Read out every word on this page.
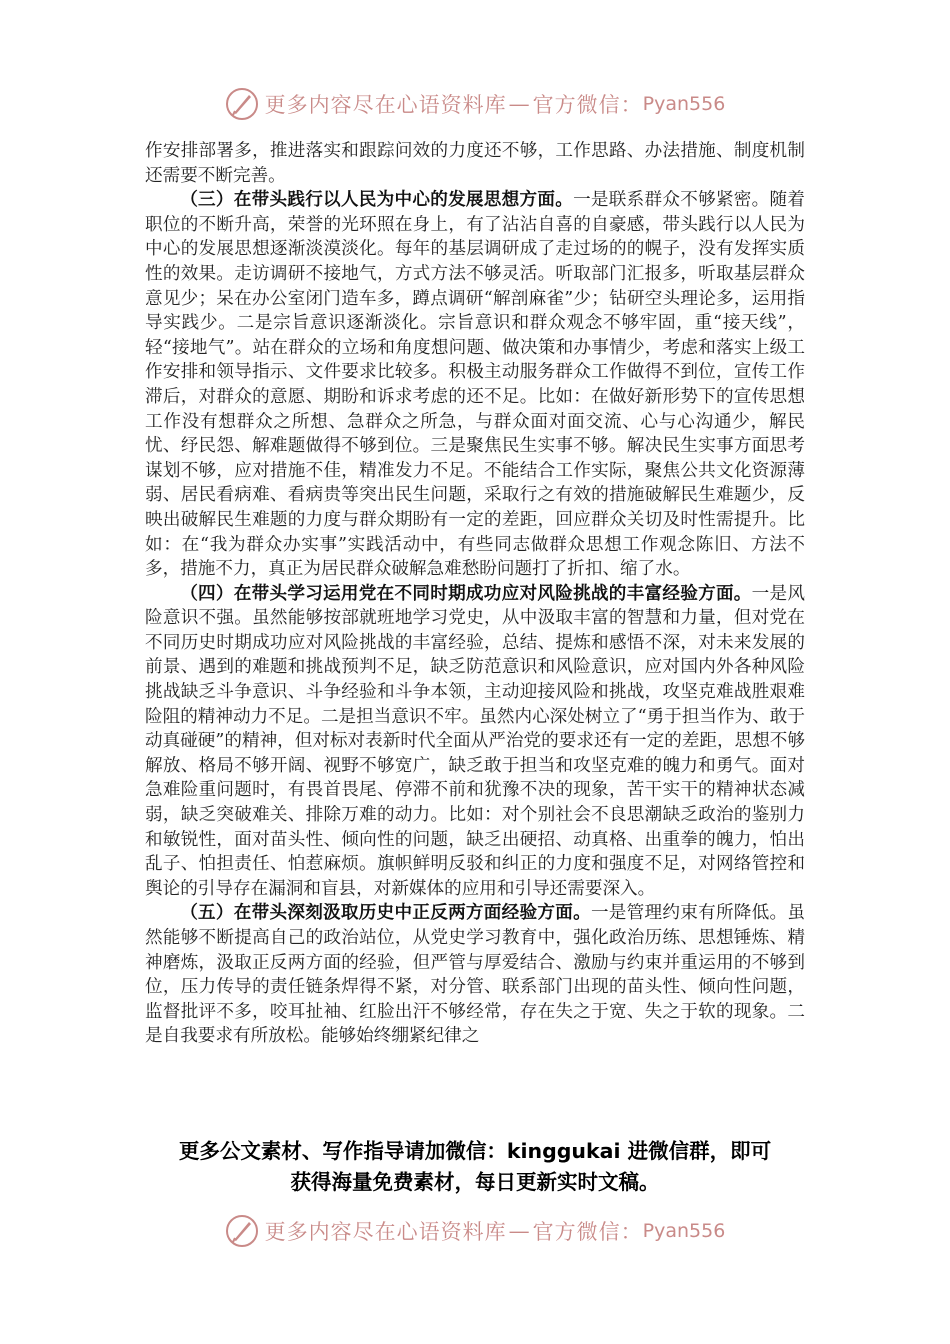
更多内容尽在心语资料库 — 官方微信： Pyan556

作安排部署多，推进落实和跟踪问效的力度还不够，工作思路、办法措施、制度机制还需要不断完善。

（三）在带头践行以人民为中心的发展思想方面。一是联系群众不够紧密。随着职位的不断升高，荣誉的光环照在身上，有了沾沾自喜的自豪感，带头践行以人民为中心的发展思想逐渐淡漠淡化。每年的基层调研成了走过场的的幌子，没有发挥实质性的效果。走访调研不接地气，方式方法不够灵活。听取部门汇报多，听取基层群众意见少；呆在办公室闭门造车多，蹲点调研“解剖麻雀”少；钻研空头理论多，运用指导实践少。二是宗旨意识逐渐淡化。宗旨意识和群众观念不够牢固，重“接天线”，轻“接地气”。站在群众的立场和角度想问题、做决策和办事情少，考虑和落实上级工作安排和领导指示、文件要求比较多。积极主动服务群众工作做得不到位，宣传工作滞后，对群众的意愿、期盼和诉求考虑的还不足。比如：在做好新形势下的宣传思想工作没有想群众之所想、急群众之所急，与群众面对面交流、心与心沟通少，解民忧、纾民怨、解难题做得不够到位。三是聚焦民生实事不够。解决民生实事方面思考谋划不够，应对措施不佳，精准发力不足。不能结合工作实际，聚焦公共文化资源薄弱、居民看病难、看病贵等突出民生问题，采取行之有效的措施破解民生难题少，反映出破解民生难题的力度与群众期盼有一定的差距，回应群众关切及时性需提升。比如：在“我为群众办实事”实践活动中，有些同志做群众思想工作观念陈旧、方法不多，措施不力，真正为居民群众破解急难愁盼问题打了折扣、缩了水。

（四）在带头学习运用党在不同时期成功应对风险挑战的丰富经验方面。一是风险意识不强。虽然能够按部就班地学习党史，从中汲取丰富的智慧和力量，但对党在不同历史时期成功应对风险挑战的丰富经验，总结、提炼和感悟不深，对未来发展的前景、遇到的难题和挑战预判不足，缺乏防范意识和风险意识，应对国内外各种风险挑战缺乏斗争意识、斗争经验和斗争本领，主动迎接风险和挑战，攻坚克难战胜艰难险阻的精神动力不足。二是担当意识不牢。虽然内心深处树立了“勇于担当作为、敢于动真碰硬”的精神，但对标对表新时代全面从严治党的要求还有一定的差距，思想不够解放、格局不够开阔、视野不够宽广，缺乏敢于担当和攻坚克难的魄力和勇气。面对急难险重问题时，有畏首畏尾、停滞不前和犹豫不决的现象，苦干实干的精神状态减弱，缺乏突破难关、排除万难的动力。比如：对个别社会不良思潮缺乏政治的鉴别力和敏锐性，面对苗头性、倾向性的问题，缺乏出硬招、动真格、出重拳的魄力，怕出乱子、怕担责任、怕惹麻烦。旗帜鲜明反驳和纠正的力度和强度不足，对网络管控和舆论的引导存在漏洞和盲县，对新媒体的应用和引导还需要深入。

（五）在带头深刻汲取历史中正反两方面经验方面。一是管理约束有所降低。虽然能够不断提高自己的政治站位，从党史学习教育中，强化政治历练、思想锤炼、精神磨炼，汲取正反两方面的经验，但严管与厚爱结合、激励与约束并重运用的不够到位，压力传导的责任链条焊得不紧，对分管、联系部门出现的苗头性、倾向性问题，监督批评不多，咬耳扯袖、红脸出汗不够经常，存在失之于宽、失之于软的现象。二是自我要求有所放松。能够始终绷紧纪律之

更多公文素材、写作指导请加微信：kinggukai 进微信群，即可
获得海量免费素材，每日更新实时文稿。
更多内容尽在心语资料库 — 官方微信： Pyan556
